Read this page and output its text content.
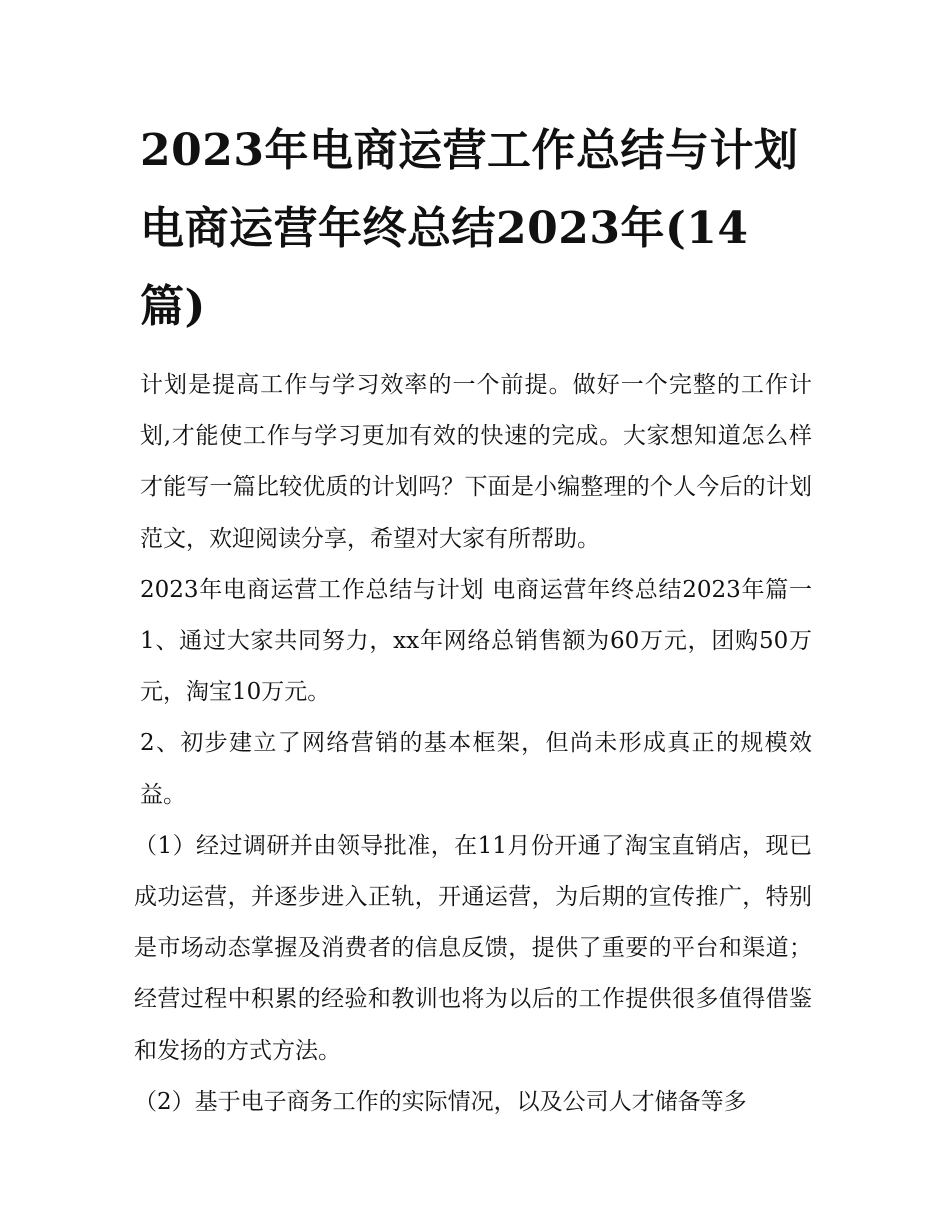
2023年电商运营工作总结与计划 电商运营年终总结2023年(14篇)

计划是提高工作与学习效率的一个前提。做好一个完整的工作计划,才能使工作与学习更加有效的快速的完成。大家想知道怎么样才能写一篇比较优质的计划吗？下面是小编整理的个人今后的计划范文，欢迎阅读分享，希望对大家有所帮助。

2023年电商运营工作总结与计划 电商运营年终总结2023年篇一1、通过大家共同努力，xx年网络总销售额为60万元，团购50万元，淘宝10万元。

2、初步建立了网络营销的基本框架，但尚未形成真正的规模效益。

（1）经过调研并由领导批准，在11月份开通了淘宝直销店，现已成功运营，并逐步进入正轨，开通运营，为后期的宣传推广，特别是市场动态掌握及消费者的信息反馈，提供了重要的平台和渠道；经营过程中积累的经验和教训也将为以后的工作提供很多值得借鉴和发扬的方式方法。

（2）基于电子商务工作的实际情况，以及公司人才储备等多
